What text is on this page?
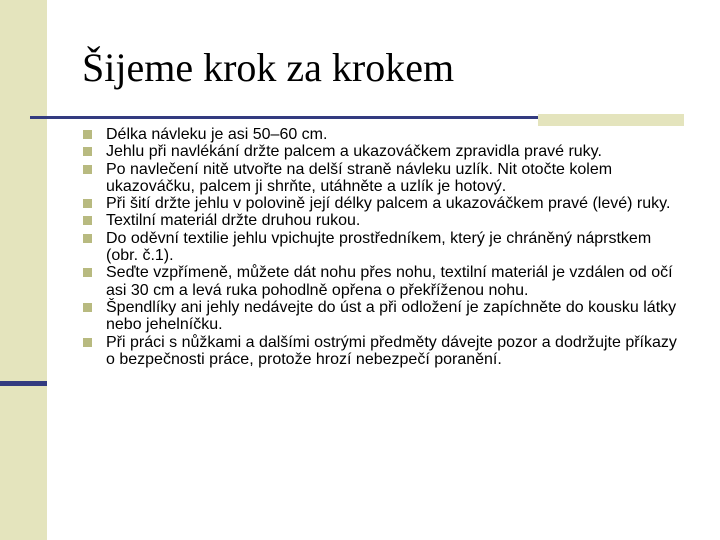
Šijeme krok za krokem
Délka návleku je asi 50–60 cm.
Jehlu při navlékání držte palcem a ukazováčkem zpravidla pravé ruky.
Po navlečení nitě utvořte na delší straně návleku uzlík. Nit otočte kolem ukazováčku, palcem ji shrňte, utáhněte a uzlík je hotový.
Při šití držte jehlu v polovině její délky palcem a ukazováčkem pravé (levé) ruky.
Textilní materiál držte druhou rukou.
Do oděvní textilie jehlu vpichujte prostředníkem, který je chráněný náprstkem (obr. č.1).
Seďte vzpřímeně, můžete dát nohu přes nohu, textilní materiál je vzdálen od očí asi 30 cm a levá ruka pohodlně opřena o překříženou nohu.
Špendlíky ani jehly nedávejte do úst a při odložení je zapíchněte do kousku látky nebo jehelníčku.
Při práci s nůžkami a dalšími ostrými předměty dávejte pozor a dodržujte příkazy o bezpečnosti práce, protože hrozí nebezpečí poranění.
